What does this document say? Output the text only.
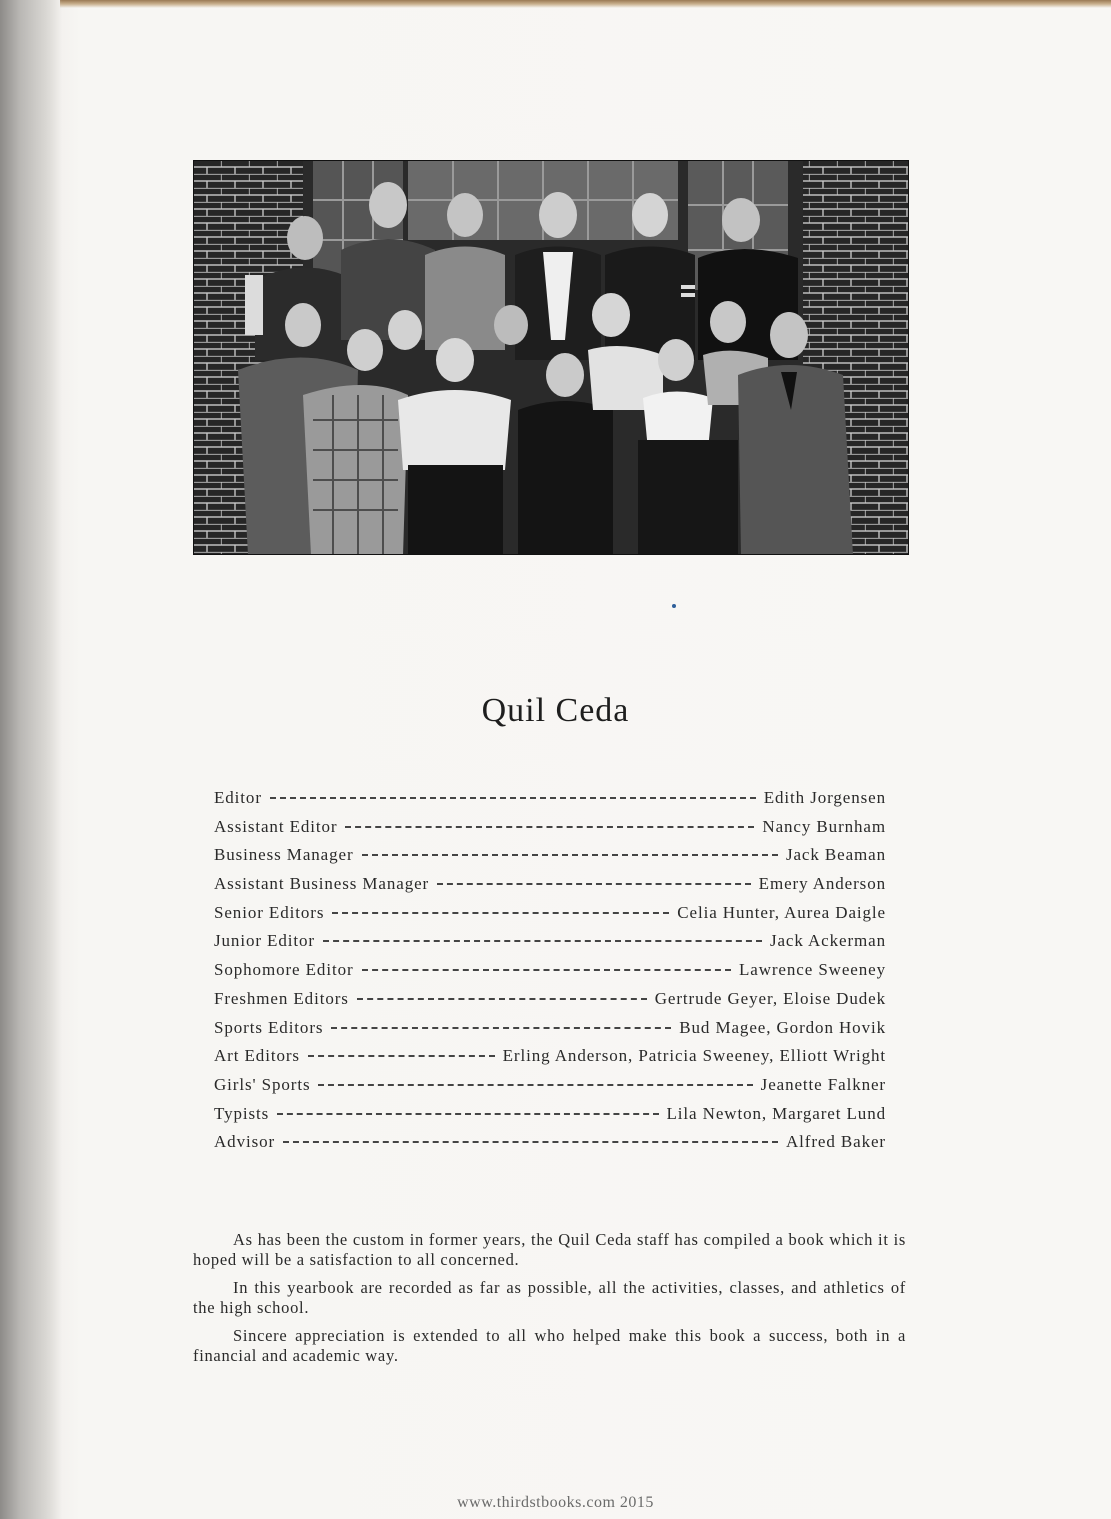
Quil Ceda
Editor	Edith Jorgensen
Assistant Editor	Nancy Burnham
Business Manager	Jack Beaman
Assistant Business Manager	Emery Anderson
Senior Editors	Celia Hunter, Aurea Daigle
Junior Editor	Jack Ackerman
Sophomore Editor	Lawrence Sweeney
Freshmen Editors	Gertrude Geyer, Eloise Dudek
Sports Editors	Bud Magee, Gordon Hovik
Art Editors	Erling Anderson, Patricia Sweeney, Elliott Wright
Girls' Sports	Jeanette Falkner
Typists	Lila Newton, Margaret Lund
Advisor	Alfred Baker

As has been the custom in former years, the Quil Ceda staff has compiled a book which it is hoped will be a satisfaction to all concerned.

In this yearbook are recorded as far as possible, all the activities, classes, and athletics of the high school.

Sincere appreciation is extended to all who helped make this book a success, both in a financial and academic way.

www.thirdstbooks.com 2015
